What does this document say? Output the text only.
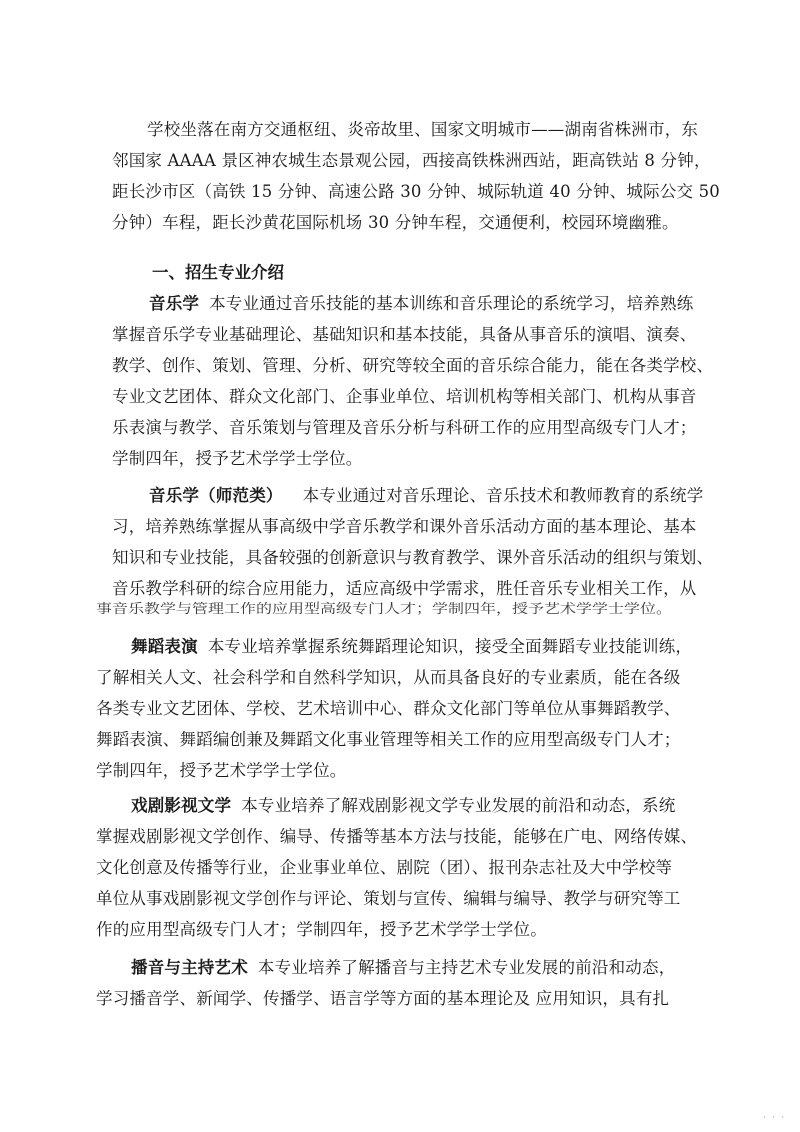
学校坐落在南方交通枢纽、炎帝故里、国家文明城市——湖南省株洲市，东
邻国家 AAAA 景区神农城生态景观公园，西接高铁株洲西站，距高铁站 8 分钟，
距长沙市区（高铁 15 分钟、高速公路 30 分钟、城际轨道 40 分钟、城际公交 50
分钟）车程，距长沙黄花国际机场 30 分钟车程，交通便利，校园环境幽雅。
一、招生专业介绍
音乐学 本专业通过音乐技能的基本训练和音乐理论的系统学习，培养熟练
掌握音乐学专业基础理论、基础知识和基本技能，具备从事音乐的演唱、演奏、
教学、创作、策划、管理、分析、研究等较全面的音乐综合能力，能在各类学校、
专业文艺团体、群众文化部门、企事业单位、培训机构等相关部门、机构从事音
乐表演与教学、音乐策划与管理及音乐分析与科研工作的应用型高级专门人才；
学制四年，授予艺术学学士学位。
音乐学（师范类） 本专业通过对音乐理论、音乐技术和教师教育的系统学
习，培养熟练掌握从事高级中学音乐教学和课外音乐活动方面的基本理论、基本
知识和专业技能，具备较强的创新意识与教育教学、课外音乐活动的组织与策划、
音乐教学科研的综合应用能力，适应高级中学需求，胜任音乐专业相关工作，从
事音乐教学与管理工作的应用型高级专门人才；学制四年，授予艺术学学士学位。
舞蹈表演 本专业培养掌握系统舞蹈理论知识，接受全面舞蹈专业技能训练，
了解相关人文、社会科学和自然科学知识，从而具备良好的专业素质，能在各级
各类专业文艺团体、学校、艺术培训中心、群众文化部门等单位从事舞蹈教学、
舞蹈表演、舞蹈编创兼及舞蹈文化事业管理等相关工作的应用型高级专门人才；
学制四年，授予艺术学学士学位。
戏剧影视文学 本专业培养了解戏剧影视文学专业发展的前沿和动态，系统
掌握戏剧影视文学创作、编导、传播等基本方法与技能，能够在广电、网络传媒、
文化创意及传播等行业，企业事业单位、剧院（团）、报刊杂志社及大中学校等
单位从事戏剧影视文学创作与评论、策划与宣传、编辑与编导、教学与研究等工
作的应用型高级专门人才；学制四年，授予艺术学学士学位。
播音与主持艺术 本专业培养了解播音与主持艺术专业发展的前沿和动态，
学习播音学、新闻学、传播学、语言学等方面的基本理论及 应用知识，具有扎
· · ·
